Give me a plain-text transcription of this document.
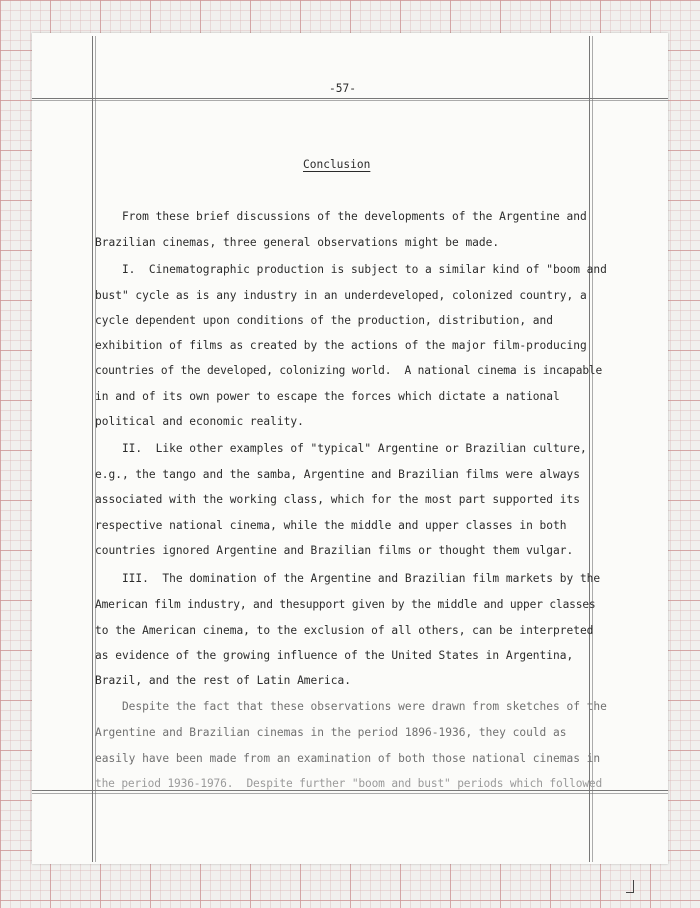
-57-
Conclusion
From these brief discussions of the developments of the Argentine and
Brazilian cinemas, three general observations might be made.
I.  Cinematographic production is subject to a similar kind of "boom and
bust" cycle as is any industry in an underdeveloped, colonized country, a
cycle dependent upon conditions of the production, distribution, and
exhibition of films as created by the actions of the major film-producing
countries of the developed, colonizing world.  A national cinema is incapable
in and of its own power to escape the forces which dictate a national
political and economic reality.
II.  Like other examples of "typical" Argentine or Brazilian culture,
e.g., the tango and the samba, Argentine and Brazilian films were always
associated with the working class, which for the most part supported its
respective national cinema, while the middle and upper classes in both
countries ignored Argentine and Brazilian films or thought them vulgar.
III.  The domination of the Argentine and Brazilian film markets by the
American film industry, and thesupport given by the middle and upper classes
to the American cinema, to the exclusion of all others, can be interpreted
as evidence of the growing influence of the United States in Argentina,
Brazil, and the rest of Latin America.
Despite the fact that these observations were drawn from sketches of the
Argentine and Brazilian cinemas in the period 1896-1936, they could as
easily have been made from an examination of both those national cinemas in
the period 1936-1976.  Despite further "boom and bust" periods which followed
